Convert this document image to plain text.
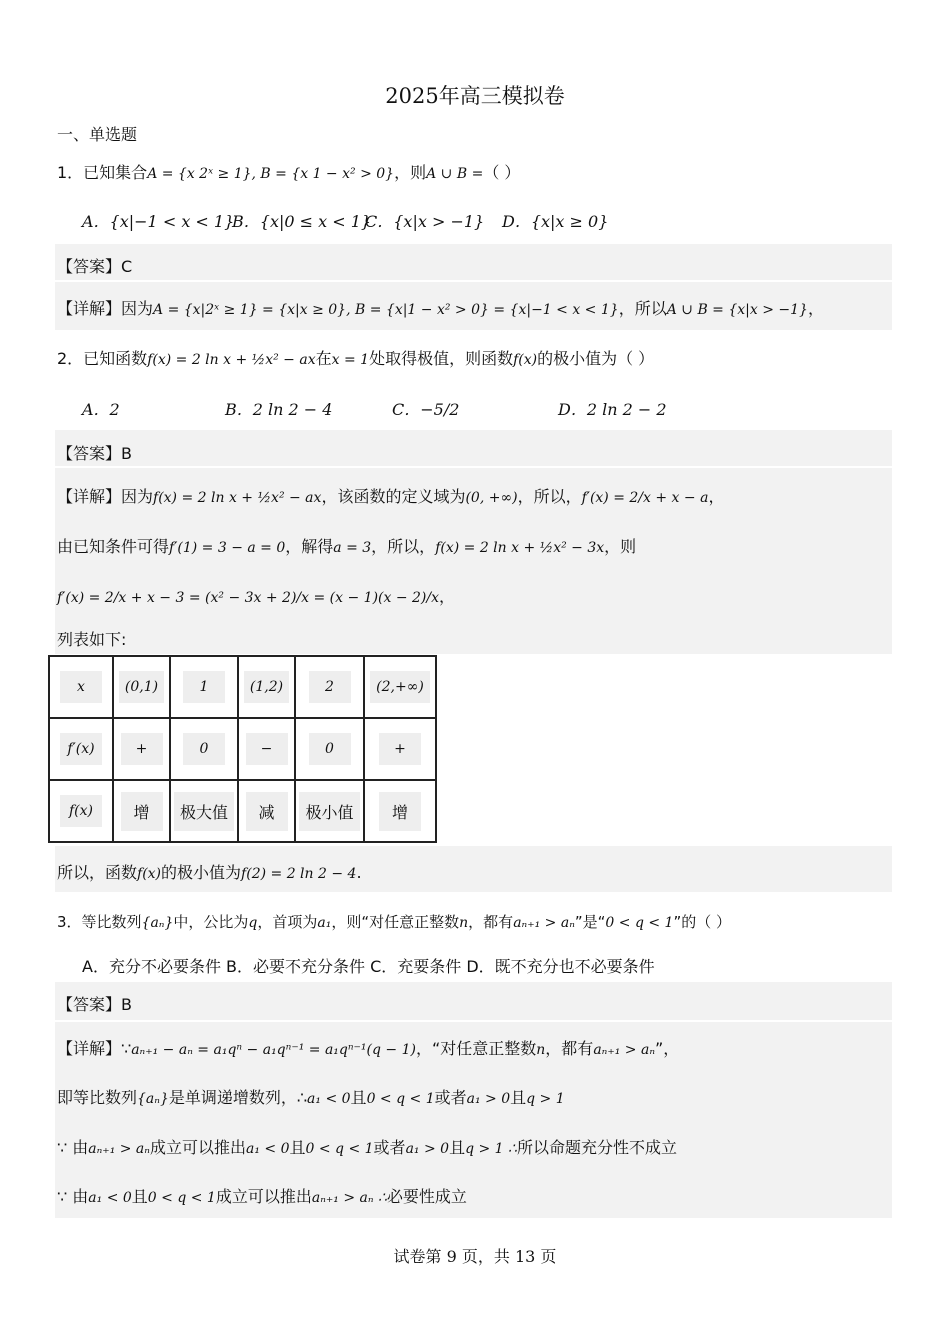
2025年高三模拟卷
一、单选题
1．已知集合A = {x 2ˣ ≥ 1}, B = {x 1 − x² > 0}，则A ∪ B =（ ）
A．{x|−1 < x < 1}
B．{x|0 ≤ x < 1}
C．{x|x > −1} D．{x|x ≥ 0}
【答案】C
【详解】因为A = {x|2ˣ ≥ 1} = {x|x ≥ 0}, B = {x|1 − x² > 0} = {x|−1 < x < 1}，所以A ∪ B = {x|x > −1}，
2．已知函数f(x) = 2 ln x + ½x² − ax在x = 1处取得极值，则函数f(x)的极小值为（ ）
A．2	B．2 ln 2 − 4	C．−5/2	D．2 ln 2 − 2
【答案】B
【详解】因为f(x) = 2 ln x + ½x² − ax，该函数的定义域为(0, +∞)，所以，f′(x) = 2/x + x − a，
由已知条件可得f′(1) = 3 − a = 0，解得a = 3，所以，f(x) = 2 ln x + ½x² − 3x，则
f′(x) = 2/x + x − 3 = (x² − 3x + 2)/x = (x − 1)(x − 2)/x，
列表如下:
x	(0,1)	1	(1,2)	2	(2,+∞)
f′(x)	+	0	−	0	+
f(x)	增	极大值	减	极小值	增
所以，函数f(x)的极小值为f(2) = 2 ln 2 − 4.
3．等比数列{aₙ}中，公比为q，首项为a₁，则“对任意正整数n，都有aₙ₊₁ > aₙ”是“0 < q < 1”的（ ）
A．充分不必要条件 B．必要不充分条件 C．充要条件 D．既不充分也不必要条件
【答案】B
【详解】∵aₙ₊₁ − aₙ = a₁qⁿ − a₁qⁿ⁻¹ = a₁qⁿ⁻¹(q − 1)，“对任意正整数n，都有aₙ₊₁ > aₙ”，
即等比数列{aₙ}是单调递增数列，∴a₁ < 0且0 < q < 1或者a₁ > 0且q > 1
∵ 由aₙ₊₁ > aₙ成立可以推出a₁ < 0且0 < q < 1或者a₁ > 0且q > 1 ∴所以命题充分性不成立
∵ 由a₁ < 0且0 < q < 1成立可以推出aₙ₊₁ > aₙ ∴必要性成立
试卷第 9 页，共 13 页
